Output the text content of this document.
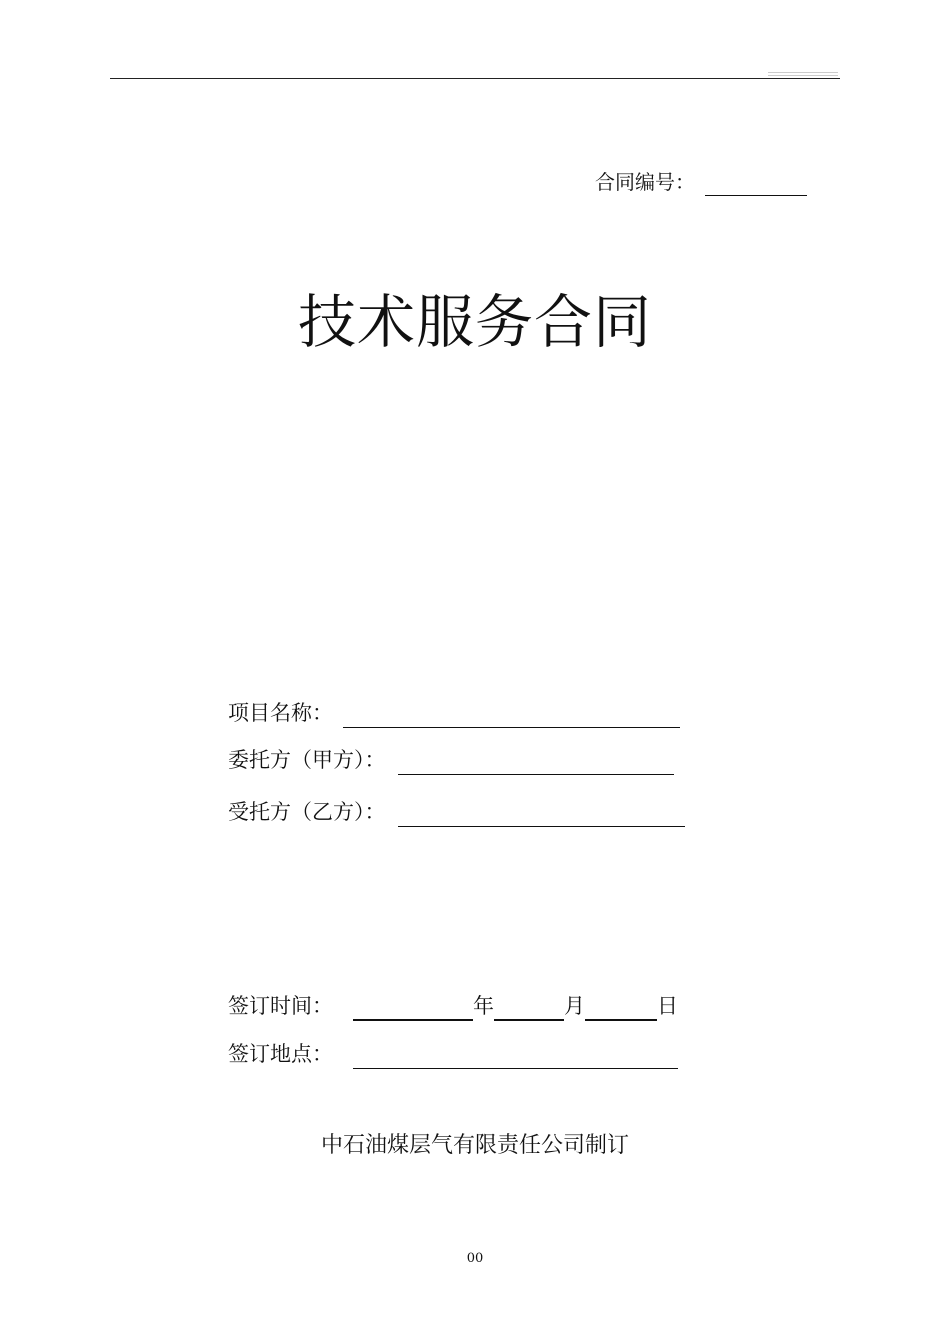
合同编号：
技术服务合同
项目名称：
委托方（甲方）：
受托方（乙方）：
签订时间：	年	月	日
签订地点：
中石油煤层气有限责任公司制订
00
